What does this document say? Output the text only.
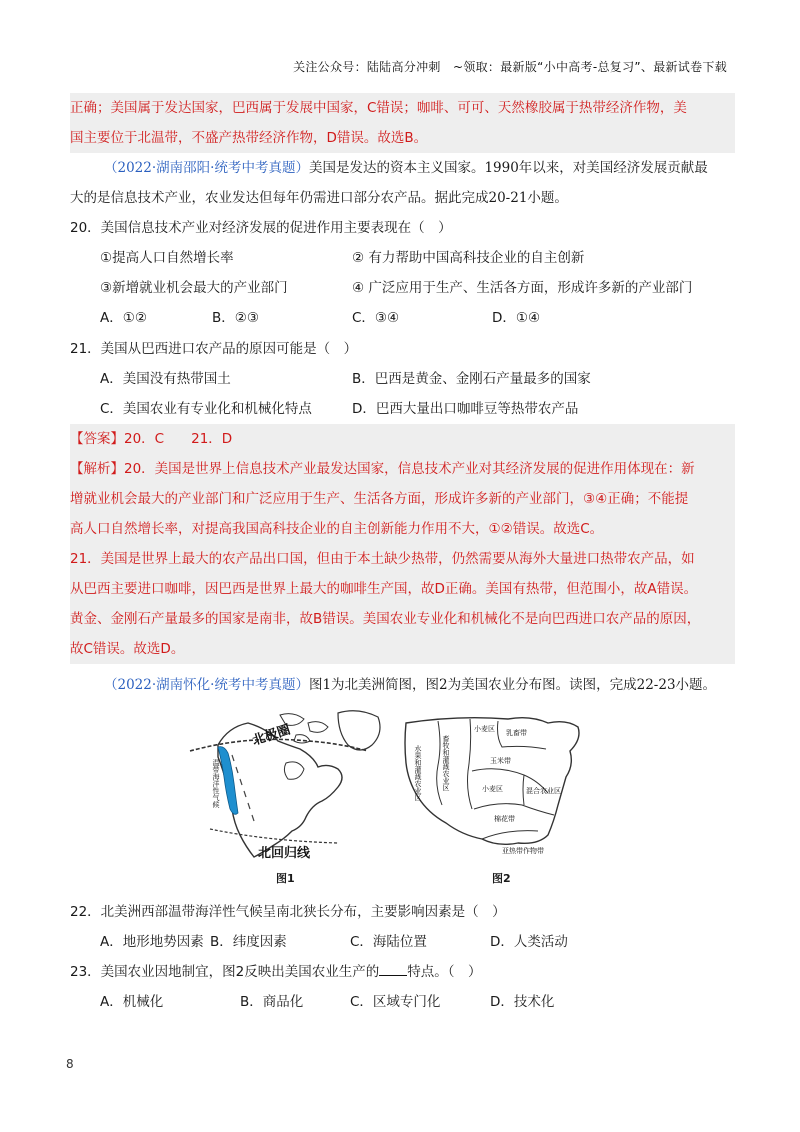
关注公众号：陆陆高分冲刺　~领取：最新版“小中高考-总复习”、最新试卷下载
正确；美国属于发达国家，巴西属于发展中国家，C错误；咖啡、可可、天然橡胶属于热带经济作物，美
国主要位于北温带，不盛产热带经济作物，D错误。故选B。
（2022·湖南邵阳·统考中考真题）美国是发达的资本主义国家。1990年以来，对美国经济发展贡献最
大的是信息技术产业，农业发达但每年仍需进口部分农产品。据此完成20-21小题。
20．美国信息技术产业对经济发展的促进作用主要表现在（　）
①提高人口自然增长率	② 有力帮助中国高科技企业的自主创新
③新增就业机会最大的产业部门	④ 广泛应用于生产、生活各方面，形成许多新的产业部门
A．①②	B．②③	C．③④	D．①④
21．美国从巴西进口农产品的原因可能是（　）
A．美国没有热带国土	B．巴西是黄金、金刚石产量最多的国家
C．美国农业有专业化和机械化特点	D．巴西大量出口咖啡豆等热带农产品
【答案】20．C　　21．D
【解析】20．美国是世界上信息技术产业最发达国家，信息技术产业对其经济发展的促进作用体现在：新
增就业机会最大的产业部门和广泛应用于生产、生活各方面，形成许多新的产业部门，③④正确；不能提
高人口自然增长率，对提高我国高科技企业的自主创新能力作用不大，①②错误。故选C。
21．美国是世界上最大的农产品出口国，但由于本土缺少热带，仍然需要从海外大量进口热带农产品，如
从巴西主要进口咖啡，因巴西是世界上最大的咖啡生产国，故D正确。美国有热带，但范围小，故A错误。
黄金、金刚石产量最多的国家是南非，故B错误。美国农业专业化和机械化不是向巴西进口农产品的原因，
故C错误。故选D。
（2022·湖南怀化·统考中考真题）图1为北美洲简图，图2为美国农业分布图。读图，完成22-23小题。
北极圈
北回归线
温带海洋性气候
图1
乳畜带
小麦区
畜牧和灌溉农业区
水果和灌溉农业区	玉米带
混合农业区
小麦区
棉花带
亚热带作物带
图2
22．北美洲西部温带海洋性气候呈南北狭长分布，主要影响因素是（　）
A．地形地势因素 B．纬度因素	C．海陆位置	D．人类活动
23．美国农业因地制宜，图2反映出美国农业生产的 特点。（　）
A．机械化	B．商品化	C．区域专门化	D．技术化
8
